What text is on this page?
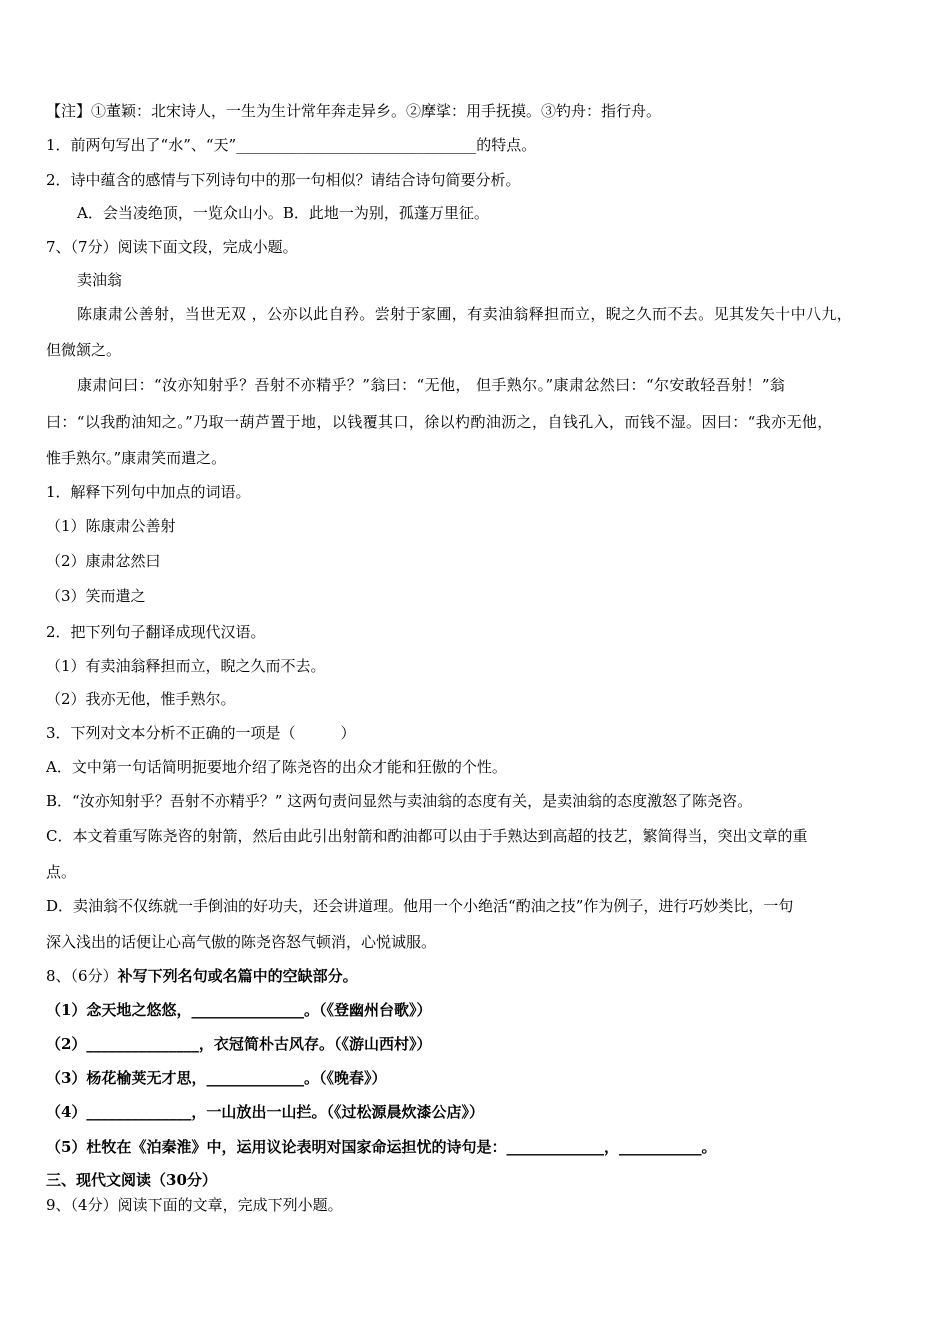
【注】①董颖：北宋诗人，一生为生计常年奔走异乡。②摩挲：用手抚摸。③钓舟：指行舟。
1．前两句写出了“水”、“天”________________________________的特点。
2．诗中蕴含的感情与下列诗句中的那一句相似？请结合诗句简要分析。
A．会当凌绝顶，一览众山小。B．此地一为别，孤蓬万里征。
7、（7分）阅读下面文段，完成小题。
卖油翁
陈康肃公善射，当世无双 ，公亦以此自矜。尝射于家圃，有卖油翁释担而立，睨之久而不去。见其发矢十中八九，
但微颔之。
康肃问曰：“汝亦知射乎？吾射不亦精乎？”翁曰：“无他， 但手熟尔。”康肃忿然曰：“尔安敢轻吾射！”翁
曰：“以我酌油知之。”乃取一葫芦置于地，以钱覆其口，徐以杓酌油沥之，自钱孔入，而钱不湿。因曰：“我亦无他，
惟手熟尔。”康肃笑而遣之。
1．解释下列句中加点的词语。
（1）陈康肃公善射
（2）康肃忿然曰
（3）笑而遣之
2．把下列句子翻译成现代汉语。
（1）有卖油翁释担而立，睨之久而不去。
（2）我亦无他，惟手熟尔。
3．下列对文本分析不正确的一项是（　　　）
A．文中第一句话简明扼要地介绍了陈尧咨的出众才能和狂傲的个性。
B．“汝亦知射乎？吾射不亦精乎？” 这两句责问显然与卖油翁的态度有关，是卖油翁的态度激怒了陈尧咨。
C．本文着重写陈尧咨的射箭，然后由此引出射箭和酌油都可以由于手熟达到高超的技艺，繁简得当，突出文章的重
点。
D．卖油翁不仅练就一手倒油的好功夫，还会讲道理。他用一个小绝活“酌油之技”作为例子，进行巧妙类比，一句
深入浅出的话便让心高气傲的陈尧咨怒气顿消，心悦诚服。
8、（6分）补写下列名句或名篇中的空缺部分。
（1）念天地之悠悠，_______________。（《登幽州台歌》）
（2）_______________，衣冠简朴古风存。（《游山西村》）
（3）杨花榆荚无才思，_____________。（《晚春》）
（4）______________，一山放出一山拦。（《过松源晨炊漆公店》）
（5）杜牧在《泊秦淮》中，运用议论表明对国家命运担忧的诗句是：_____________，___________。
三、现代文阅读（30分）
9、（4分）阅读下面的文章，完成下列小题。
